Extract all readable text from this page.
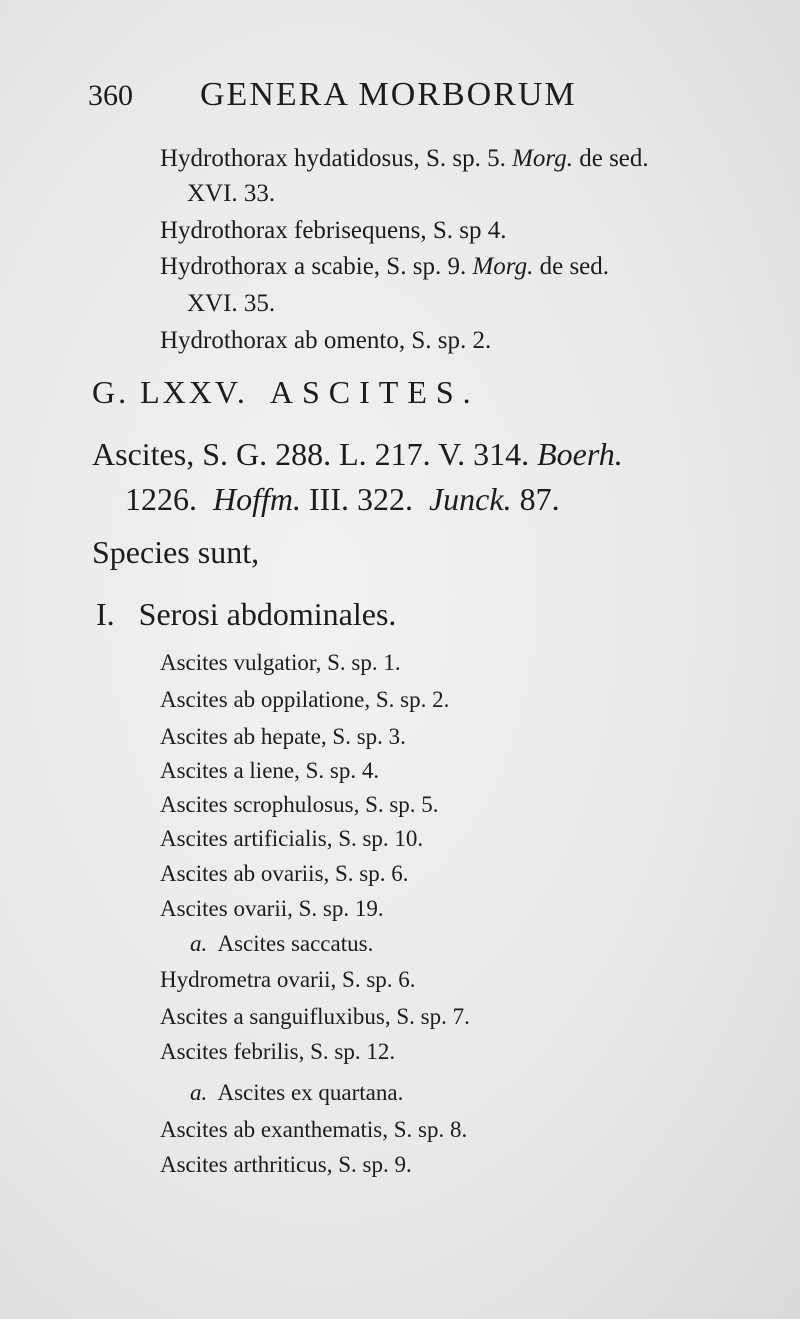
360 GENERA MORBORUM
Hydrothorax hydatidosus, S. sp. 5. Morg. de sed.
XVI. 33.
Hydrothorax febrisequens, S. sp 4.
Hydrothorax a scabie, S. sp. 9. Morg. de sed.
XVI. 35.
Hydrothorax ab omento, S. sp. 2.
G. LXXV. ASCITES.
Ascites, S. G. 288. L. 217. V. 314. Boerh.
1226. Hoffm. III. 322. Junck. 87.
Species sunt,
I. Serosi abdominales.
Ascites vulgatior, S. sp. 1.
Ascites ab oppilatione, S. sp. 2.
Ascites ab hepate, S. sp. 3.
Ascites a liene, S. sp. 4.
Ascites scrophulosus, S. sp. 5.
Ascites artificialis, S. sp. 10.
Ascites ab ovariis, S. sp. 6.
Ascites ovarii, S. sp. 19.
a. Ascites saccatus.
Hydrometra ovarii, S. sp. 6.
Ascites a sanguifluxibus, S. sp. 7.
Ascites febrilis, S. sp. 12.
a. Ascites ex quartana.
Ascites ab exanthematis, S. sp. 8.
Ascites arthriticus, S. sp. 9.
